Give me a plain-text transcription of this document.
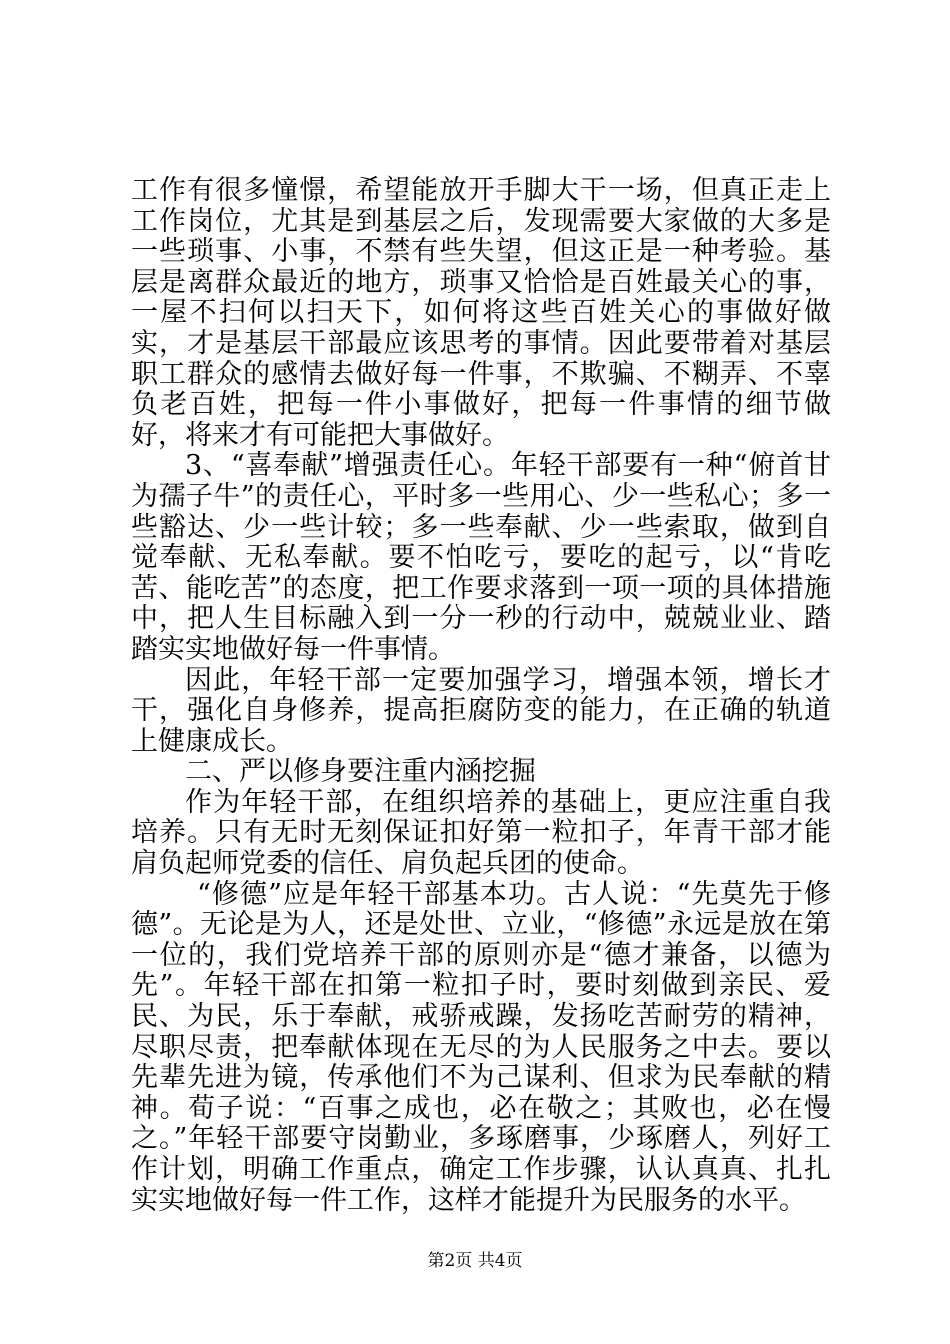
工作有很多憧憬，希望能放开手脚大干一场，但真正走上工作岗位，尤其是到基层之后，发现需要大家做的大多是一些琐事、小事，不禁有些失望，但这正是一种考验。基层是离群众最近的地方，琐事又恰恰是百姓最关心的事，一屋不扫何以扫天下，如何将这些百姓关心的事做好做实，才是基层干部最应该思考的事情。因此要带着对基层职工群众的感情去做好每一件事，不欺骗、不糊弄、不辜负老百姓，把每一件小事做好，把每一件事情的细节做好，将来才有可能把大事做好。

3、“喜奉献”增强责任心。年轻干部要有一种“俯首甘为孺子牛”的责任心，平时多一些用心、少一些私心；多一些豁达、少一些计较；多一些奉献、少一些索取，做到自觉奉献、无私奉献。要不怕吃亏，要吃的起亏，以“肯吃苦、能吃苦”的态度，把工作要求落到一项一项的具体措施中，把人生目标融入到一分一秒的行动中，兢兢业业、踏踏实实地做好每一件事情。

因此，年轻干部一定要加强学习，增强本领，增长才干，强化自身修养，提高拒腐防变的能力，在正确的轨道上健康成长。

二、严以修身要注重内涵挖掘

作为年轻干部，在组织培养的基础上，更应注重自我培养。只有无时无刻保证扣好第一粒扣子，年青干部才能肩负起师党委的信任、肩负起兵团的使命。

“修德”应是年轻干部基本功。古人说：“先莫先于修德”。无论是为人，还是处世、立业，“修德”永远是放在第一位的，我们党培养干部的原则亦是“德才兼备，以德为先”。年轻干部在扣第一粒扣子时，要时刻做到亲民、爱民、为民，乐于奉献，戒骄戒躁，发扬吃苦耐劳的精神，尽职尽责，把奉献体现在无尽的为人民服务之中去。要以先辈先进为镜，传承他们不为己谋利、但求为民奉献的精神。荀子说：“百事之成也，必在敬之；其败也，必在慢之。”年轻干部要守岗勤业，多琢磨事，少琢磨人，列好工作计划，明确工作重点，确定工作步骤，认认真真、扎扎实实地做好每一件工作，这样才能提升为民服务的水平。

第2页 共4页
